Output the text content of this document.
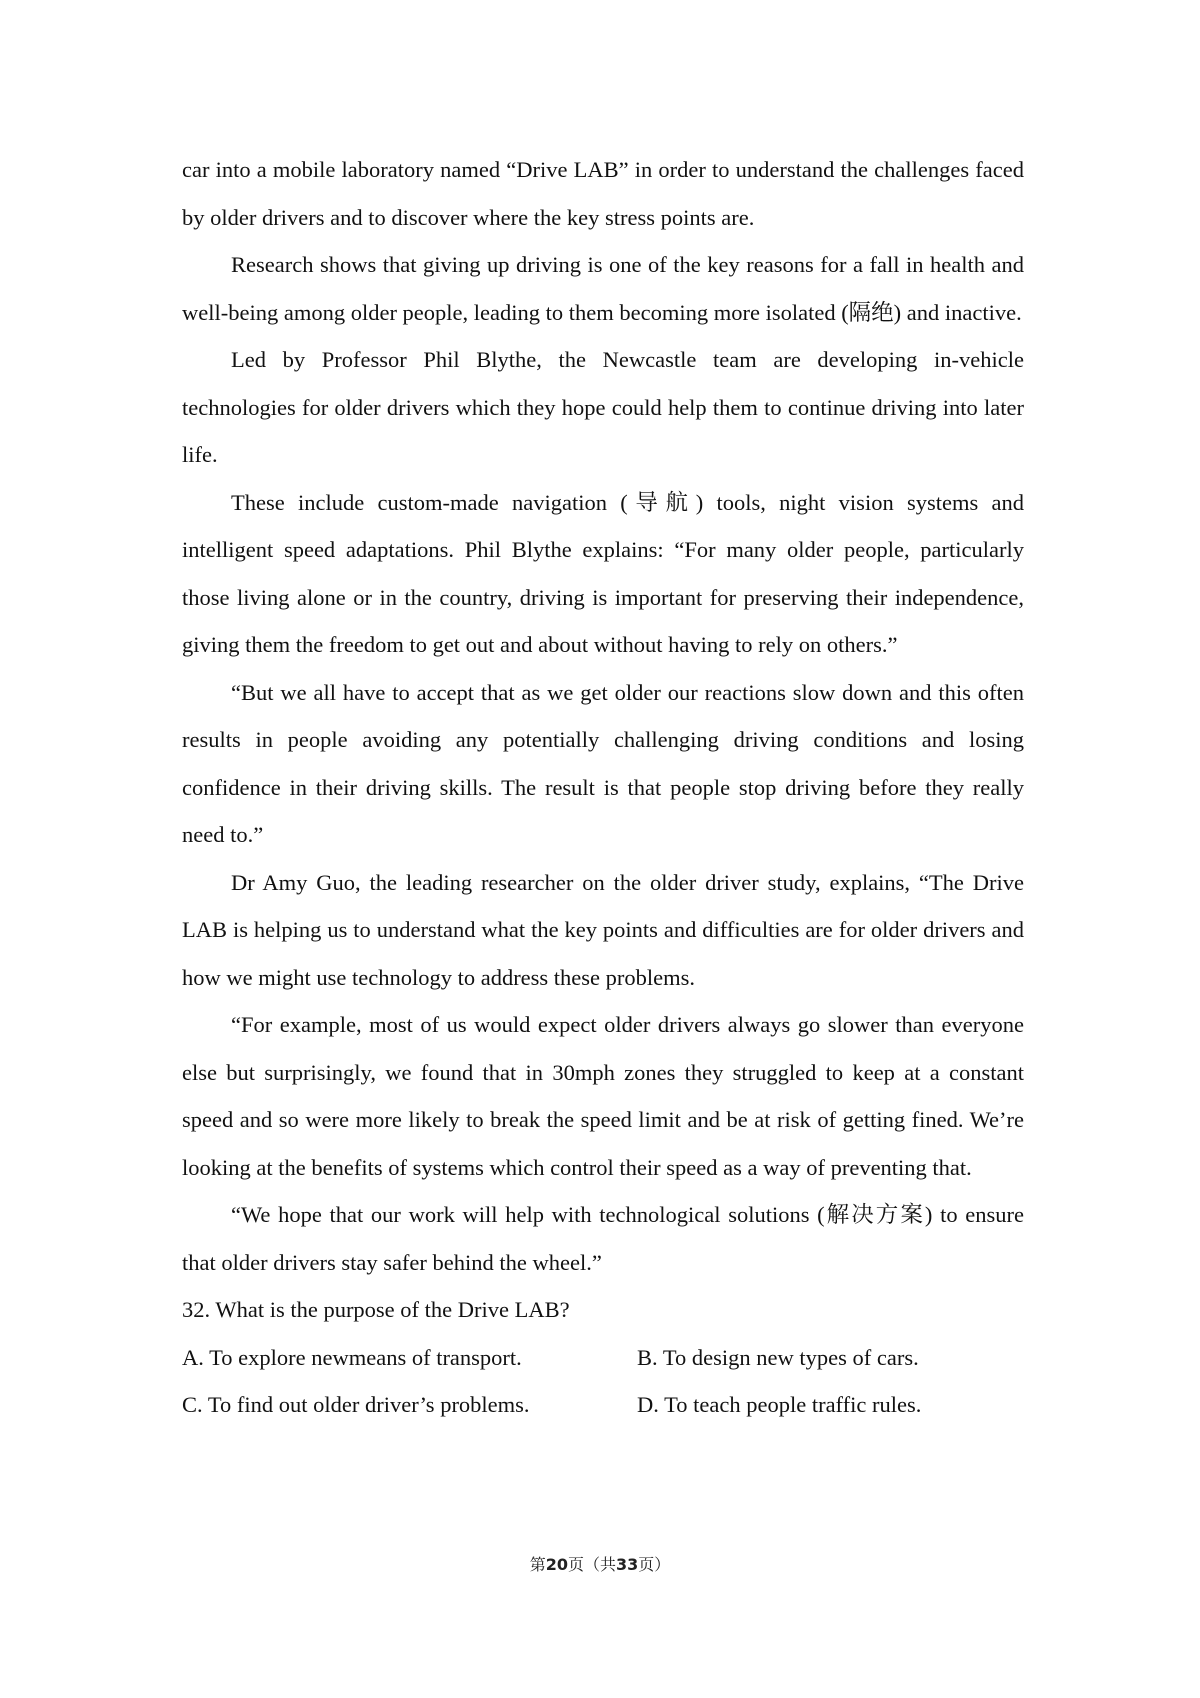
car into a mobile laboratory named “Drive LAB” in order to understand the challenges faced by older drivers and to discover where the key stress points are.

Research shows that giving up driving is one of the key reasons for a fall in health and well-being among older people, leading to them becoming more isolated (隔绝) and inactive.

Led by Professor Phil Blythe, the Newcastle team are developing in-vehicle technologies for older drivers which they hope could help them to continue driving into later life.

These include custom-made navigation (导航) tools, night vision systems and intelligent speed adaptations. Phil Blythe explains: “For many older people, particularly those living alone or in the country, driving is important for preserving their independence, giving them the freedom to get out and about without having to rely on others.”

“But we all have to accept that as we get older our reactions slow down and this often results in people avoiding any potentially challenging driving conditions and losing confidence in their driving skills. The result is that people stop driving before they really need to.”

Dr Amy Guo, the leading researcher on the older driver study, explains, “The Drive LAB is helping us to understand what the key points and difficulties are for older drivers and how we might use technology to address these problems.

“For example, most of us would expect older drivers always go slower than everyone else but surprisingly, we found that in 30mph zones they struggled to keep at a constant speed and so were more likely to break the speed limit and be at risk of getting fined. We’re looking at the benefits of systems which control their speed as a way of preventing that.

“We hope that our work will help with technological solutions (解决方案) to ensure that older drivers stay safer behind the wheel.”

32. What is the purpose of the Drive LAB?

A. To explore newmeans of transport.	B. To design new types of cars.
C. To find out older driver’s problems.	D. To teach people traffic rules.
第20页（共33页）
